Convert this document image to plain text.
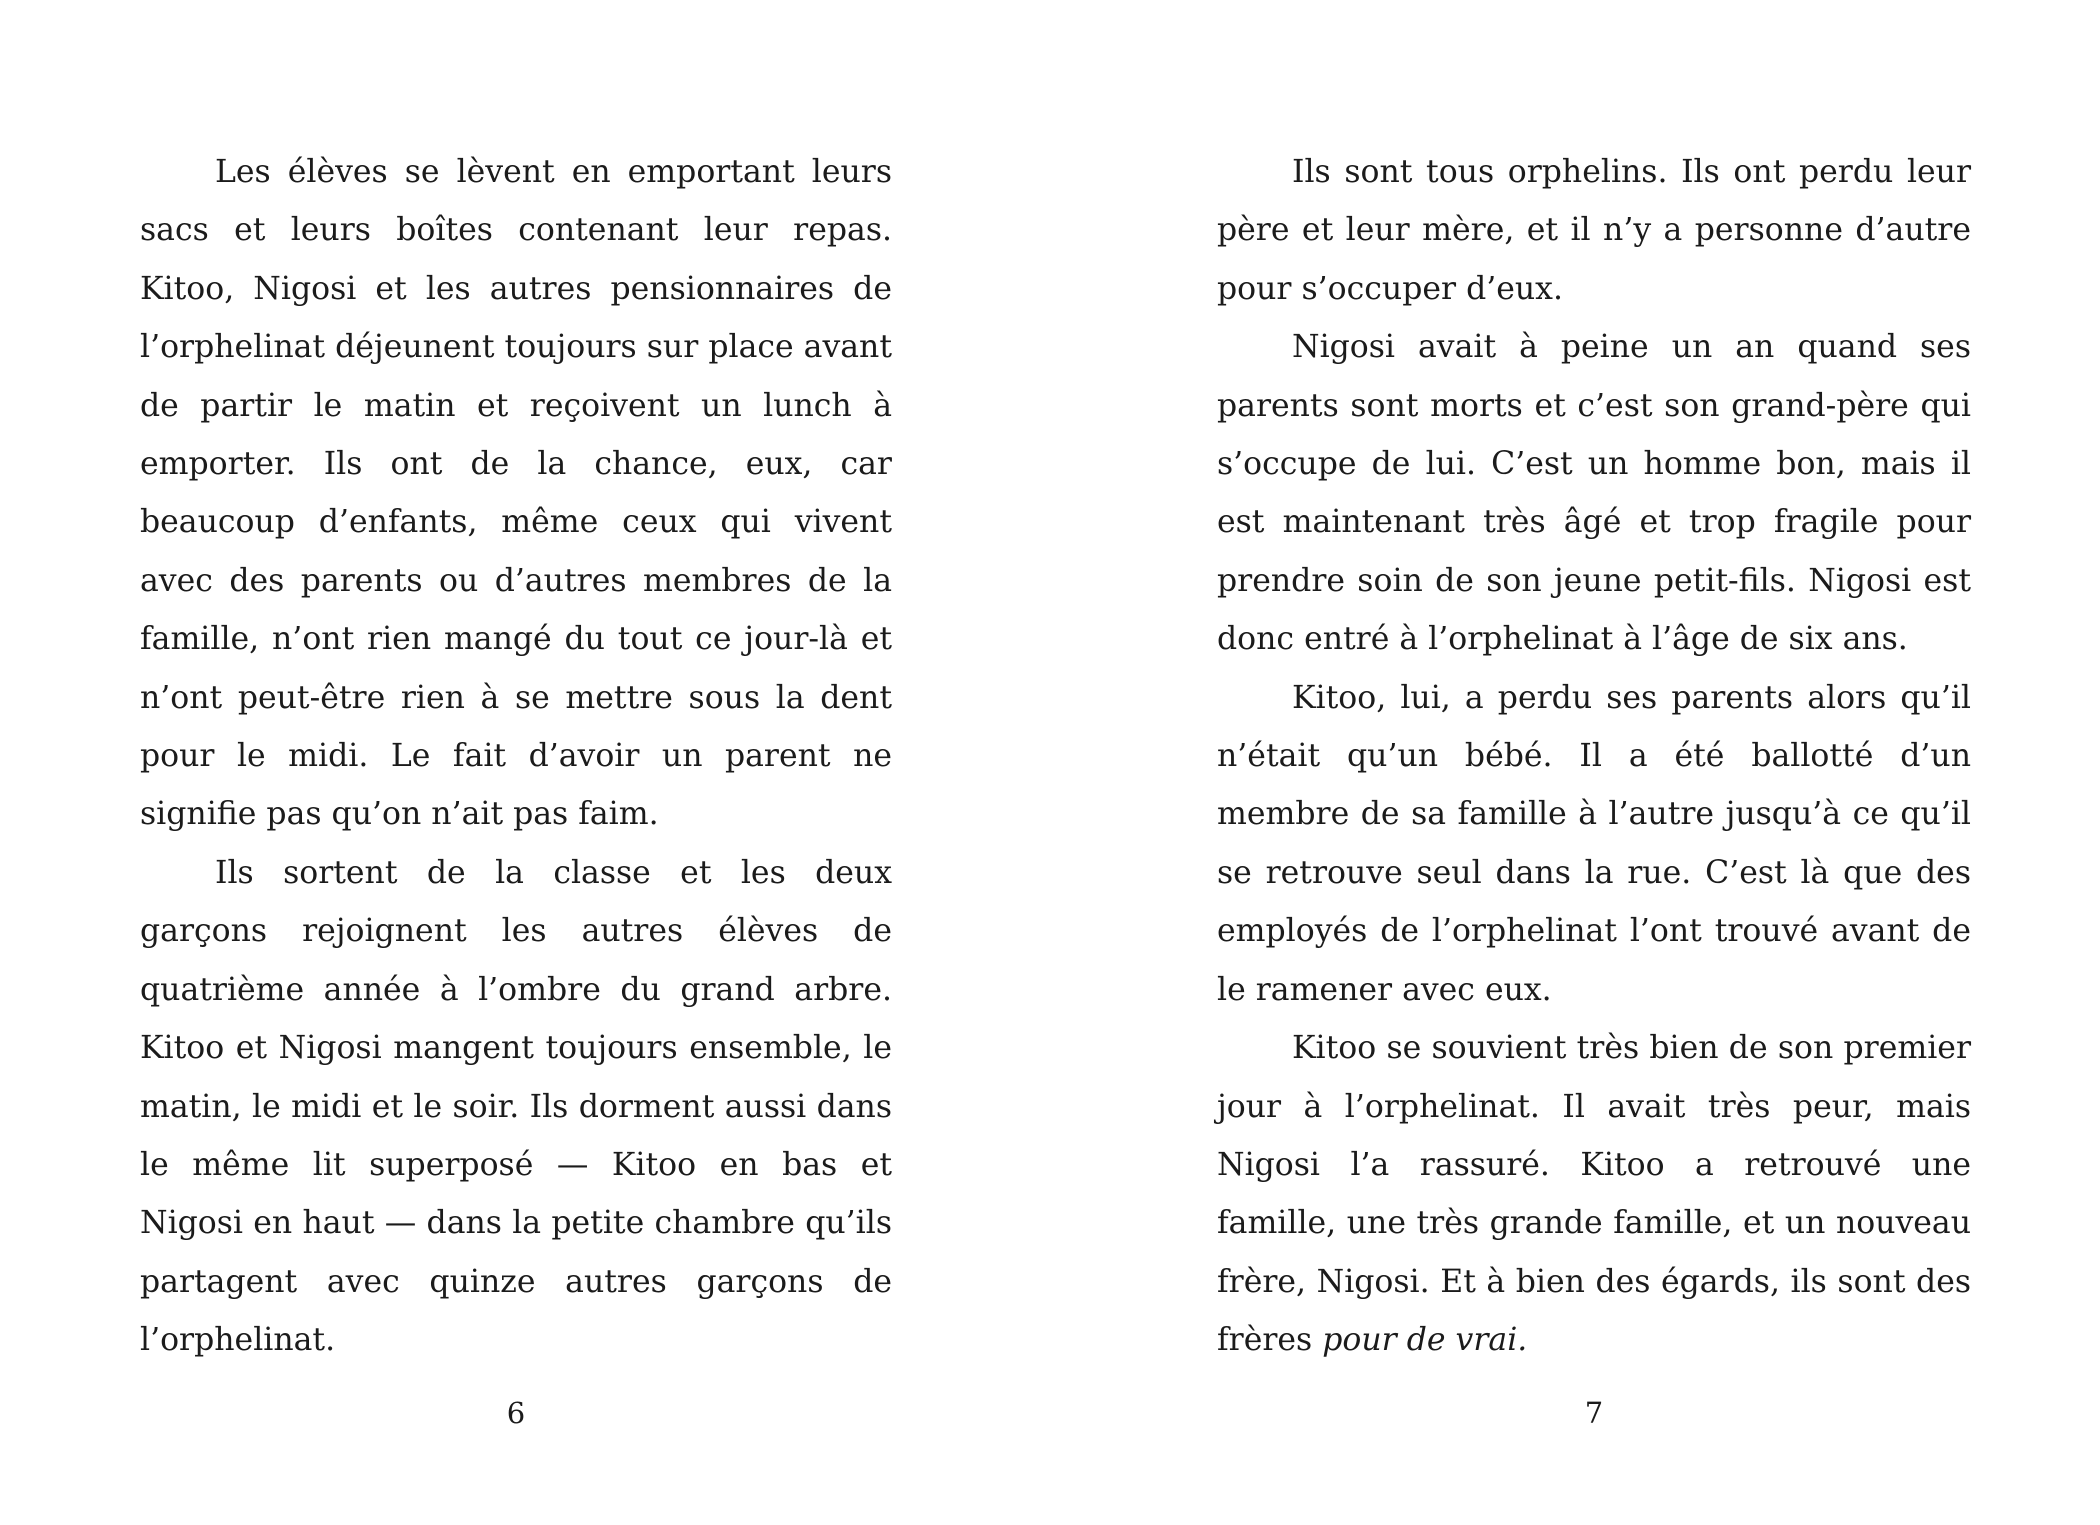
Les élèves se lèvent en emportant leurs sacs et leurs boîtes contenant leur repas. Kitoo, Nigosi et les autres pensionnaires de l’orphelinat déjeunent toujours sur place avant de partir le matin et reçoivent un lunch à emporter. Ils ont de la chance, eux, car beaucoup d’enfants, même ceux qui vivent avec des parents ou d’autres membres de la famille, n’ont rien mangé du tout ce jour-là et n’ont peut-être rien à se mettre sous la dent pour le midi. Le fait d’avoir un parent ne signifie pas qu’on n’ait pas faim.

Ils sortent de la classe et les deux garçons rejoignent les autres élèves de quatrième année à l’ombre du grand arbre. Kitoo et Nigosi mangent toujours ensemble, le matin, le midi et le soir. Ils dorment aussi dans le même lit superposé — Kitoo en bas et Nigosi en haut — dans la petite chambre qu’ils partagent avec quinze autres garçons de l’orphelinat.

6

Ils sont tous orphelins. Ils ont perdu leur père et leur mère, et il n’y a personne d’autre pour s’occuper d’eux.

Nigosi avait à peine un an quand ses parents sont morts et c’est son grand-père qui s’occupe de lui. C’est un homme bon, mais il est maintenant très âgé et trop fragile pour prendre soin de son jeune petit-fils. Nigosi est donc entré à l’orphelinat à l’âge de six ans.

Kitoo, lui, a perdu ses parents alors qu’il n’était qu’un bébé. Il a été ballotté d’un membre de sa famille à l’autre jusqu’à ce qu’il se retrouve seul dans la rue. C’est là que des employés de l’orphelinat l’ont trouvé avant de le ramener avec eux.

Kitoo se souvient très bien de son premier jour à l’orphelinat. Il avait très peur, mais Nigosi l’a rassuré. Kitoo a retrouvé une famille, une très grande famille, et un nouveau frère, Nigosi. Et à bien des égards, ils sont des frères pour de vrai.

7
